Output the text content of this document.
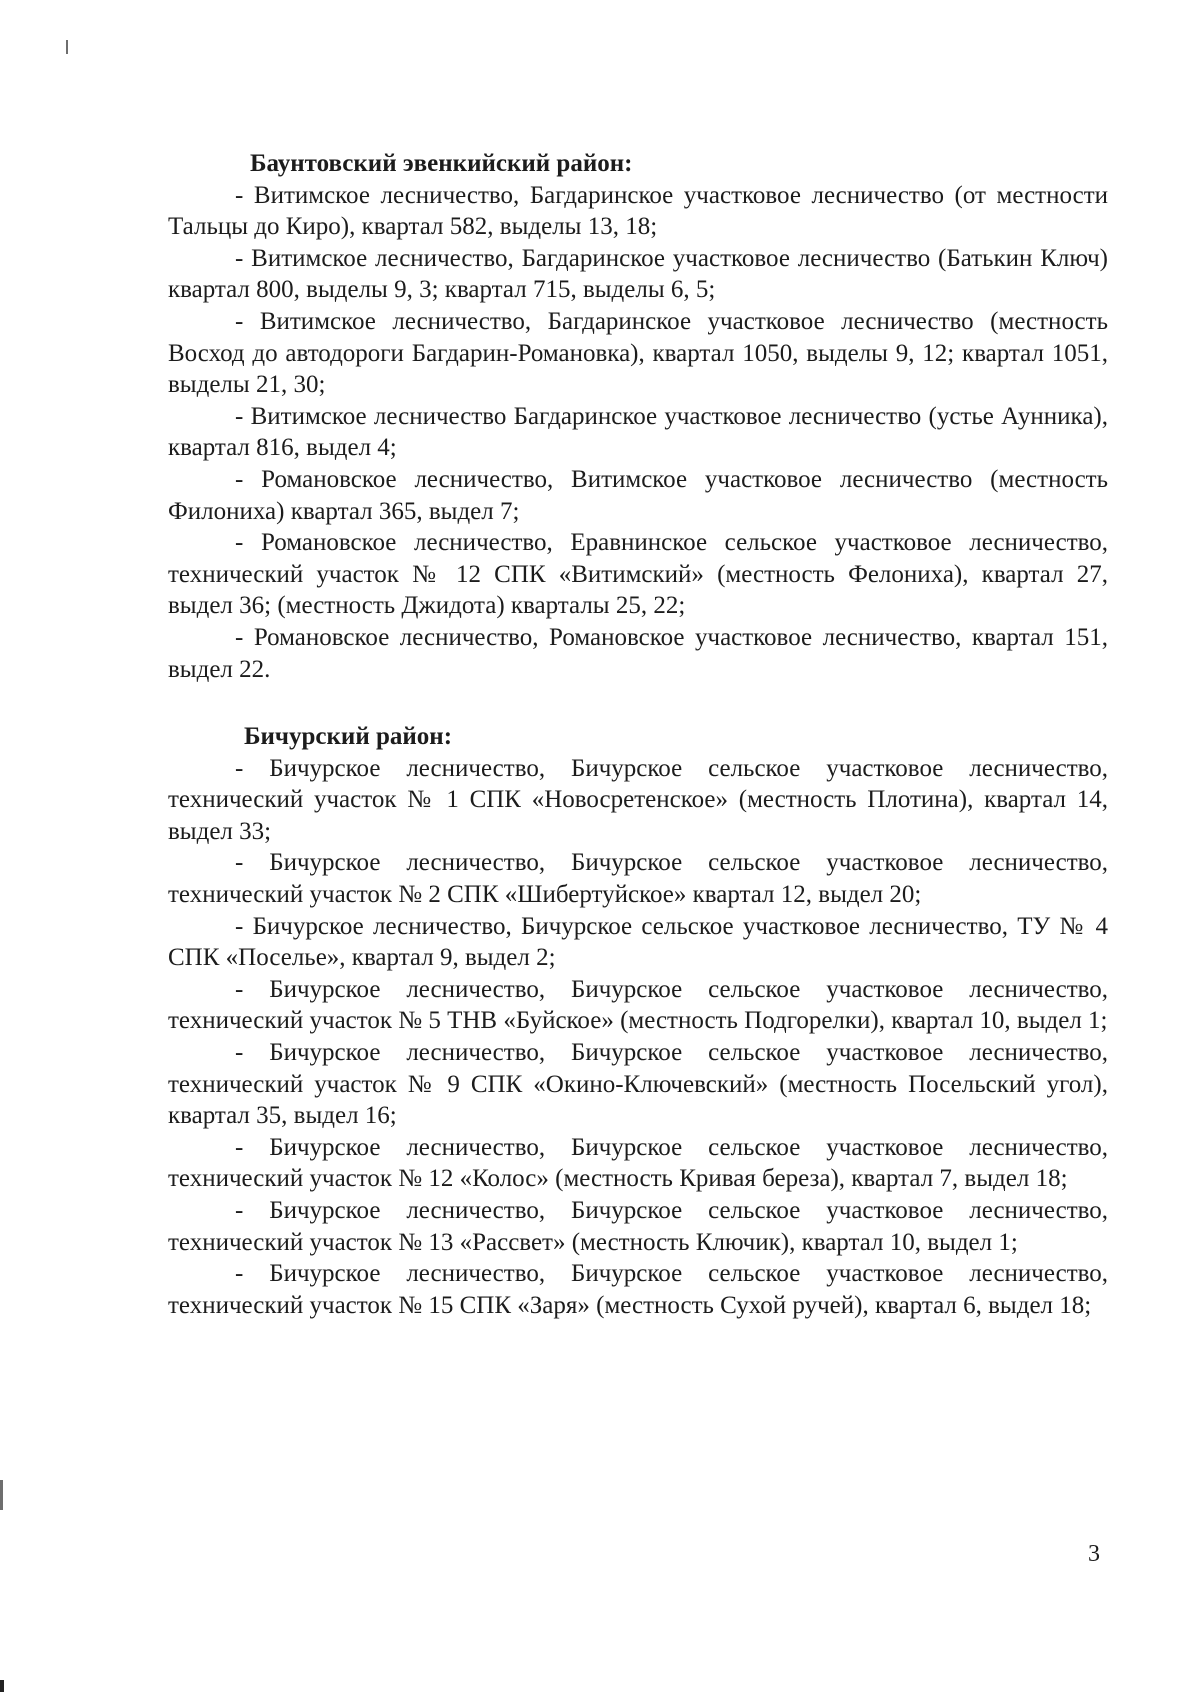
Баунтовский эвенкийский район:

- Витимское лесничество, Багдаринское участковое лесничество (от местности Тальцы до Киро), квартал 582, выделы 13, 18;

- Витимское лесничество, Багдаринское участковое лесничество (Батькин Ключ) квартал 800, выделы 9, 3; квартал 715, выделы 6, 5;

- Витимское лесничество, Багдаринское участковое лесничество (местность Восход до автодороги Багдарин-Романовка), квартал 1050, выделы 9, 12; квартал 1051, выделы 21, 30;

- Витимское лесничество Багдаринское участковое лесничество (устье Аунника), квартал 816, выдел 4;

- Романовское лесничество, Витимское участковое лесничество (местность Филониха) квартал 365, выдел 7;

- Романовское лесничество, Еравнинское сельское участковое лесничество, технический участок № 12 СПК «Витимский» (местность Фелониха), квартал 27, выдел 36; (местность Джидота) кварталы 25, 22;

- Романовское лесничество, Романовское участковое лесничество, квартал 151, выдел 22.

Бичурский район:

- Бичурское лесничество, Бичурское сельское участковое лесничество, технический участок № 1 СПК «Новосретенское» (местность Плотина), квартал 14, выдел 33;

- Бичурское лесничество, Бичурское сельское участковое лесничество, технический участок № 2 СПК «Шибертуйское» квартал 12, выдел 20;

- Бичурское лесничество, Бичурское сельское участковое лесничество, ТУ № 4 СПК «Поселье», квартал 9, выдел 2;

- Бичурское лесничество, Бичурское сельское участковое лесничество, технический участок № 5 ТНВ «Буйское» (местность Подгорелки), квартал 10, выдел 1;

- Бичурское лесничество, Бичурское сельское участковое лесничество, технический участок № 9 СПК «Окино-Ключевский» (местность Посельский угол), квартал 35, выдел 16;

- Бичурское лесничество, Бичурское сельское участковое лесничество, технический участок № 12 «Колос» (местность Кривая береза), квартал 7, выдел 18;

- Бичурское лесничество, Бичурское сельское участковое лесничество, технический участок № 13 «Рассвет» (местность Ключик), квартал 10, выдел 1;

- Бичурское лесничество, Бичурское сельское участковое лесничество, технический участок № 15 СПК «Заря» (местность Сухой ручей), квартал 6, выдел 18;

3
